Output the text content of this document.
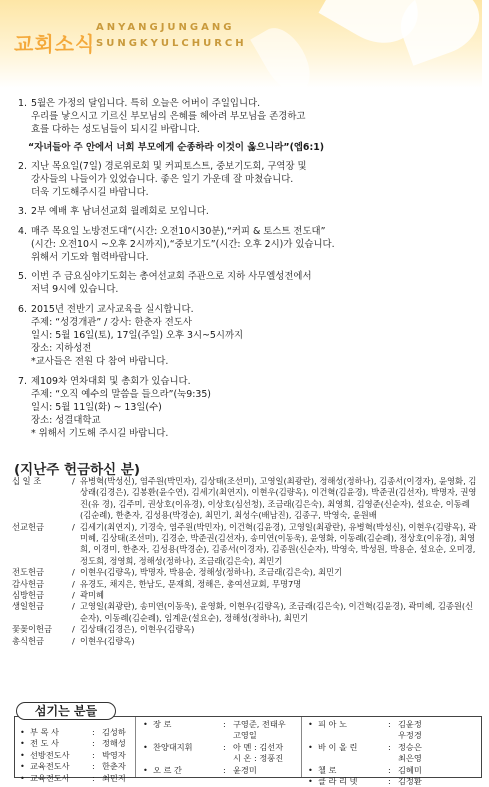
교회소식
ANYANGJUNGANG
SUNGKYULCHURCH
1. 5월은 가정의 달입니다. 특히 오늘은 어버이 주일입니다.
우리를 낳으시고 기르신 부모님의 은혜를 헤아려 부모님을 존경하고
효를 다하는 성도님들이 되시길 바랍니다.
“자녀들아 주 안에서 너희 부모에게 순종하라 이것이 옳으니라”(엡6:1)
2. 지난 목요일(7일) 경로위로회 및 커피토스트, 중보기도회, 구역장 및
강사들의 나들이가 있었습니다. 좋은 일기 가운데 잘 마쳤습니다.
더욱 기도해주시길 바랍니다.
3. 2부 예배 후 남녀선교회 월례회로 모입니다.
4. 매주 목요일 노방전도대”(시간: 오전10시30분),“커피 & 토스트 전도대”
(시간: 오전10시 ~오후 2시까지),“중보기도”(시간: 오후 2시)가 있습니다.
위해서 기도와 협력바랍니다.
5. 이번 주 금요심야기도회는 총여선교회 주관으로 지하 사무엘성전에서
저녁 9시에 있습니다.
6. 2015년 전반기 교사교육을 실시합니다.
주제: “성경개관” / 강사: 한춘자 전도사
일시: 5월 16일(토), 17일(주일) 오후 3시~5시까지
장소: 지하성전
*교사들은 전원 다 참여 바랍니다.
7. 제109차 연차대회 및 총회가 있습니다.
주제: “오직 예수의 말씀을 들으라”(눅9:35)
일시: 5월 11일(화) ~ 13일(수)
장소: 성결대학교
* 위해서 기도해 주시길 바랍니다.
(지난주 헌금하신 분)
십 일 조	/ 유병혁(박성신), 염주원(박민자), 김상태(조선미), 고영일(최광란), 정해성(정하나), 김종서(이경자), 윤영화, 김상래(김경은), 김봉환(윤수연), 김세기(최연지), 이현우(김량옥), 이건혁(김윤경), 박준권(김선자), 박명자, 권영진(유 경), 김주미, 권상호(이유경), 이상호(심선청), 조금래(김은숙), 최영희, 김영준(신순자), 설요순, 이동례(김순례), 한춘자, 김성용(박경순), 최민기, 최성수(배남진), 김종구, 박영숙, 윤원배
선교헌금	/ 김세기(최연지), 기경숙, 염주원(박민자), 이건혁(김윤경), 고영일(최광란), 유병혁(박성신), 이현우(김량옥), 곽미혜, 김상태(조선미), 김경순, 박준권(김선자), 송미연(이동욱), 윤영화, 이동례(김순례), 정상호(이유경), 최영희, 이경미, 한춘자, 김성용(박경순), 김종서(이경자), 김종원(신순자), 박영숙, 박성원, 박용순, 설요순, 오미경, 정도희, 정영희, 정해성(정하나), 조금래(김은숙), 최민기
전도헌금	/ 이현우(김량옥), 박명자, 박용순, 정해성(정하나), 조금래(김은숙), 최민기
감사헌금	/ 유경도, 채지은, 한남도, 문재희, 정해은, 총여선교회, 무명7명
심방헌금	/ 곽미혜
생일헌금	/ 고영일(최광란), 송미연(이동욱), 윤영화, 이현우(김량옥), 조금래(김은숙), 이건혁(김윤경), 곽미혜, 김종원(신순자), 이동례(김순례), 임계운(설요순), 정해성(정하나), 최민기
꽃꽂이헌금	/ 김상태(김경은), 이현우(김량옥)
총식헌금	/ 이현우(김량옥)
• 부 목 사	:김성하
• 전 도 사	:정해성
• 선방전도사	:박영자
• 교육전도사	:한춘자
• 교육전도사	:최민지
• 장 로	:구영준, 전태우
고영일
• 찬양대지휘	:아 멘 : 김선자
시 온 : 정풍진
• 오 르 간	:윤경미
• 피 아 노	:김윤정
우정경
• 바 이 올 린	:정승은
최은영
• 첼 로	:김혜미
• 클 라 리 넷	:김정환
섬기는 분들
